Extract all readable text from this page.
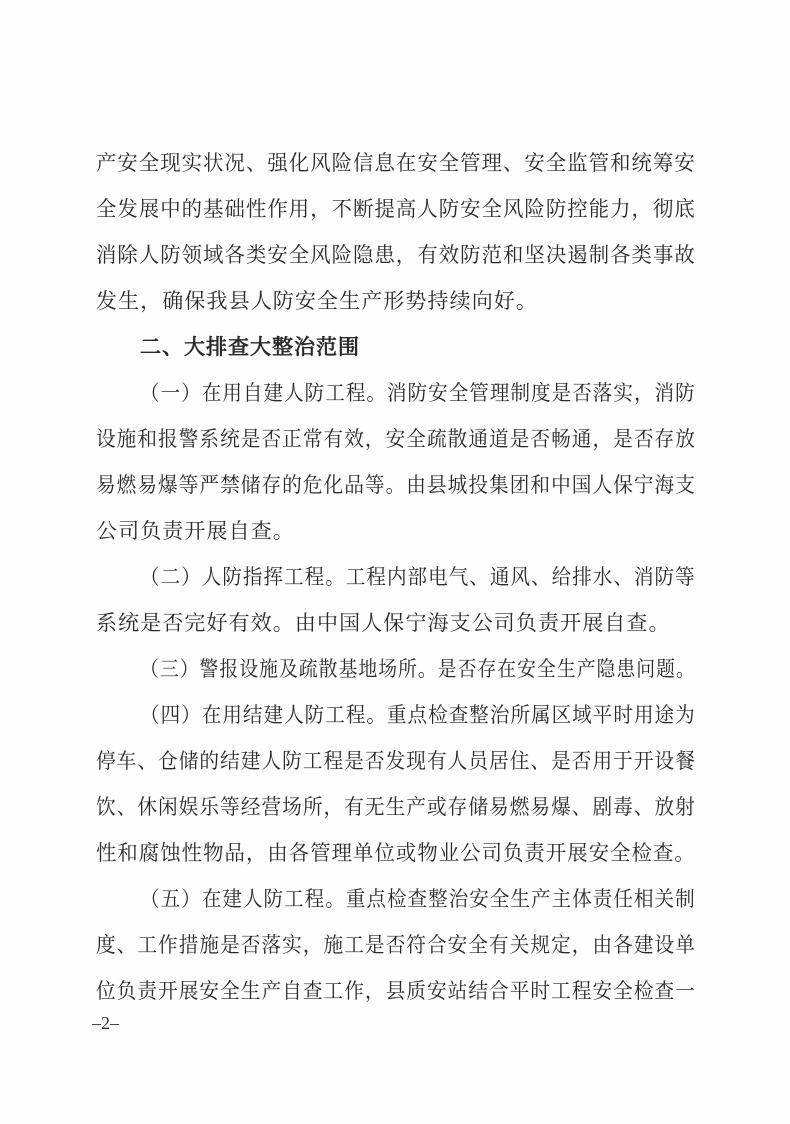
产安全现实状况、强化风险信息在安全管理、安全监管和统筹安
全发展中的基础性作用，不断提高人防安全风险防控能力，彻底
消除人防领域各类安全风险隐患，有效防范和坚决遏制各类事故
发生，确保我县人防安全生产形势持续向好。
二、大排查大整治范围
（一）在用自建人防工程。消防安全管理制度是否落实，消防
设施和报警系统是否正常有效，安全疏散通道是否畅通，是否存放
易燃易爆等严禁储存的危化品等。由县城投集团和中国人保宁海支
公司负责开展自查。
（二）人防指挥工程。工程内部电气、通风、给排水、消防等
系统是否完好有效。由中国人保宁海支公司负责开展自查。
（三）警报设施及疏散基地场所。是否存在安全生产隐患问题。
（四）在用结建人防工程。重点检查整治所属区域平时用途为
停车、仓储的结建人防工程是否发现有人员居住、是否用于开设餐
饮、休闲娱乐等经营场所，有无生产或存储易燃易爆、剧毒、放射
性和腐蚀性物品，由各管理单位或物业公司负责开展安全检查。
（五）在建人防工程。重点检查整治安全生产主体责任相关制
度、工作措施是否落实，施工是否符合安全有关规定，由各建设单
位负责开展安全生产自查工作，县质安站结合平时工程安全检查一
–2–
